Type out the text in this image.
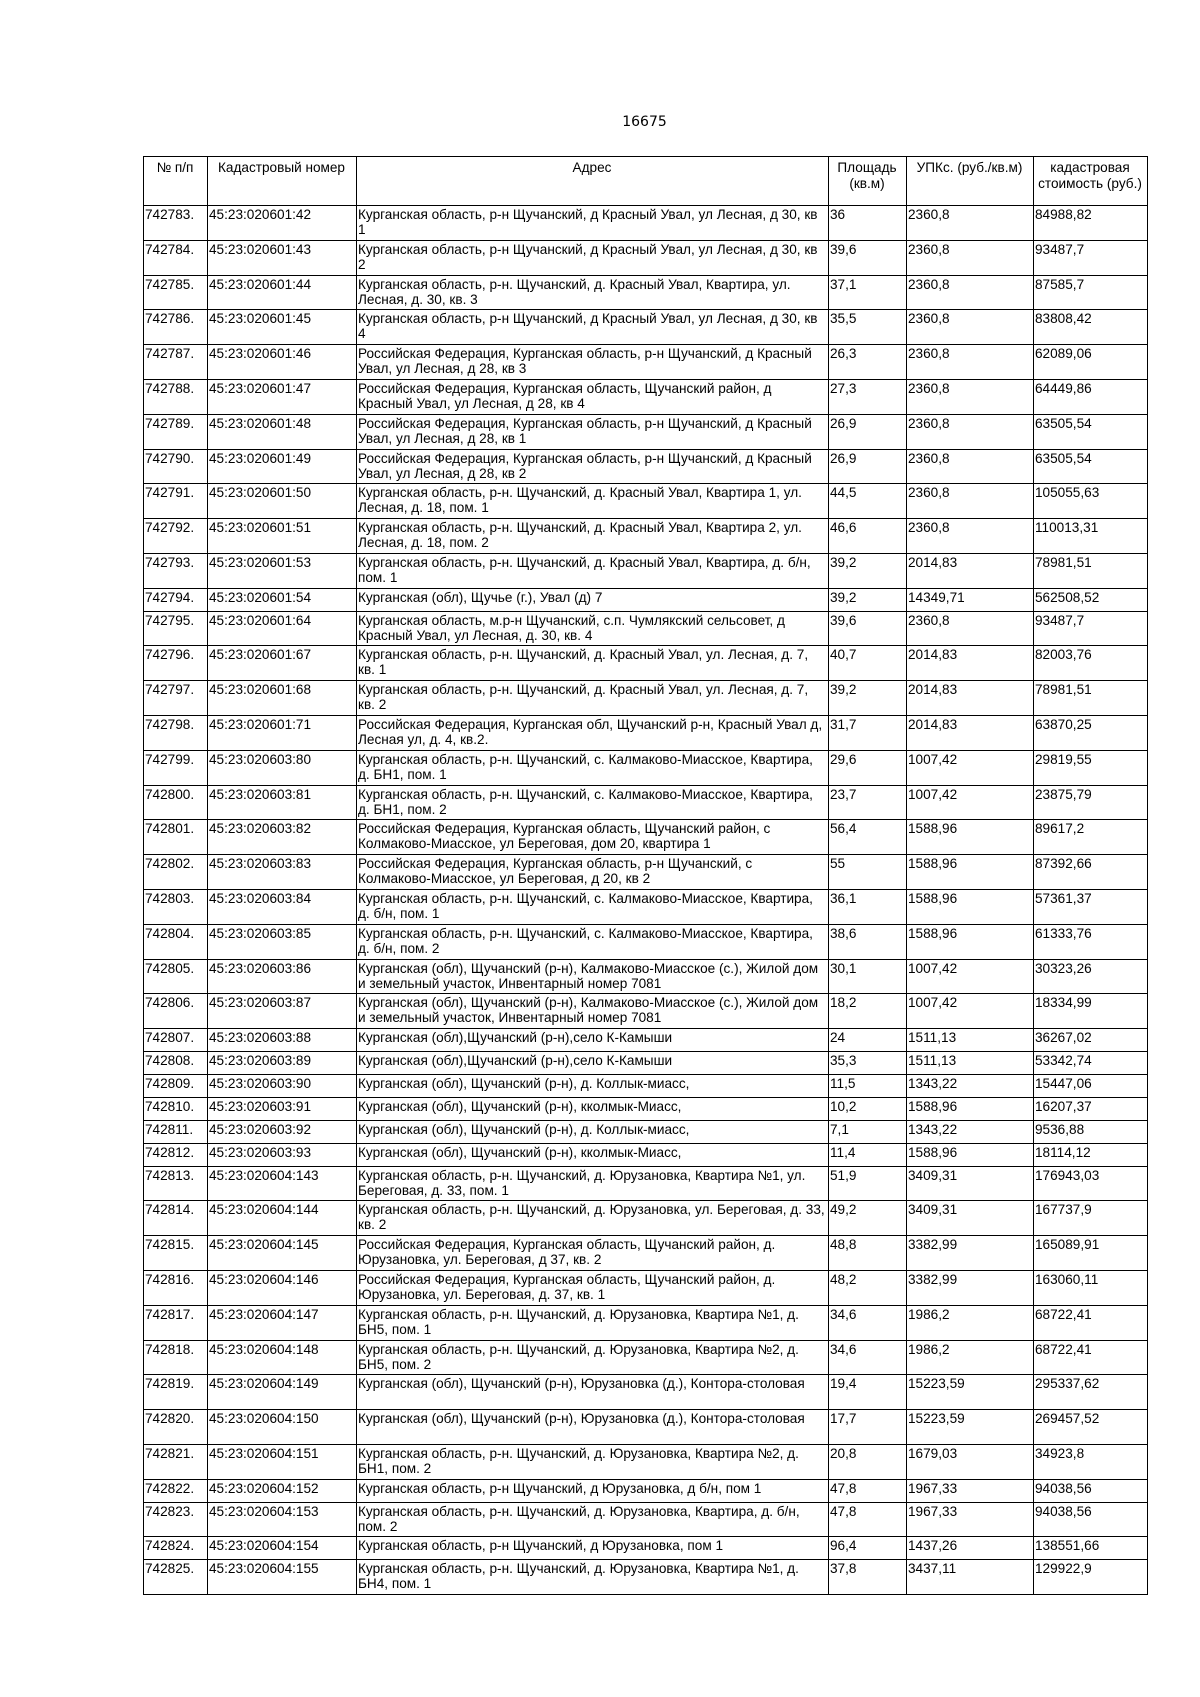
16675
№ п/п	Кадастровый номер	Адрес	Площадь (кв.м)	УПКс. (руб./кв.м)	кадастровая стоимость (руб.)
742783.	45:23:020601:42	Курганская область, р-н Щучанский, д Красный Увал, ул Лесная, д 30, кв 1	36	2360,8	84988,82
742784.	45:23:020601:43	Курганская область, р-н Щучанский, д Красный Увал, ул Лесная, д 30, кв 2	39,6	2360,8	93487,7
742785.	45:23:020601:44	Курганская область, р-н. Щучанский, д. Красный Увал, Квартира, ул. Лесная, д. 30, кв. 3	37,1	2360,8	87585,7
742786.	45:23:020601:45	Курганская область, р-н Щучанский, д Красный Увал, ул Лесная, д 30, кв 4	35,5	2360,8	83808,42
742787.	45:23:020601:46	Российская Федерация, Курганская область, р-н Щучанский, д Красный Увал, ул Лесная, д 28, кв 3	26,3	2360,8	62089,06
742788.	45:23:020601:47	Российская Федерация, Курганская область, Щучанский район, д Красный Увал, ул Лесная, д 28, кв 4	27,3	2360,8	64449,86
742789.	45:23:020601:48	Российская Федерация, Курганская область, р-н Щучанский, д Красный Увал, ул Лесная, д 28, кв 1	26,9	2360,8	63505,54
742790.	45:23:020601:49	Российская Федерация, Курганская область, р-н Щучанский, д Красный Увал, ул Лесная, д 28, кв 2	26,9	2360,8	63505,54
742791.	45:23:020601:50	Курганская область, р-н. Щучанский, д. Красный Увал, Квартира 1, ул. Лесная, д. 18, пом. 1	44,5	2360,8	105055,63
742792.	45:23:020601:51	Курганская область, р-н. Щучанский, д. Красный Увал, Квартира 2, ул. Лесная, д. 18, пом. 2	46,6	2360,8	110013,31
742793.	45:23:020601:53	Курганская область, р-н. Щучанский, д. Красный Увал, Квартира, д. б/н, пом. 1	39,2	2014,83	78981,51
742794.	45:23:020601:54	Курганская (обл), Щучье (г.), Увал (д) 7	39,2	14349,71	562508,52
742795.	45:23:020601:64	Курганская область, м.р-н Щучанский, с.п. Чумлякский сельсовет, д Красный Увал, ул Лесная, д. 30, кв. 4	39,6	2360,8	93487,7
742796.	45:23:020601:67	Курганская область, р-н. Щучанский, д. Красный Увал, ул. Лесная, д. 7, кв. 1	40,7	2014,83	82003,76
742797.	45:23:020601:68	Курганская область, р-н. Щучанский, д. Красный Увал, ул. Лесная, д. 7, кв. 2	39,2	2014,83	78981,51
742798.	45:23:020601:71	Российская Федерация, Курганская обл, Щучанский р-н, Красный Увал д, Лесная ул, д. 4, кв.2.	31,7	2014,83	63870,25
742799.	45:23:020603:80	Курганская область, р-н. Щучанский, с. Калмаково-Миасское, Квартира, д. БН1, пом. 1	29,6	1007,42	29819,55
742800.	45:23:020603:81	Курганская область, р-н. Щучанский, с. Калмаково-Миасское, Квартира, д. БН1, пом. 2	23,7	1007,42	23875,79
742801.	45:23:020603:82	Российская Федерация, Курганская область, Щучанский район, с Колмаково-Миасское, ул Береговая, дом 20, квартира 1	56,4	1588,96	89617,2
742802.	45:23:020603:83	Российская Федерация, Курганская область, р-н Щучанский, с Колмаково-Миасское, ул Береговая, д 20, кв 2	55	1588,96	87392,66
742803.	45:23:020603:84	Курганская область, р-н. Щучанский, с. Калмаково-Миасское, Квартира, д. б/н, пом. 1	36,1	1588,96	57361,37
742804.	45:23:020603:85	Курганская область, р-н. Щучанский, с. Калмаково-Миасское, Квартира, д. б/н, пом. 2	38,6	1588,96	61333,76
742805.	45:23:020603:86	Курганская (обл), Щучанский (р-н), Калмаково-Миасское (с.), Жилой дом и земельный участок, Инвентарный номер 7081	30,1	1007,42	30323,26
742806.	45:23:020603:87	Курганская (обл), Щучанский (р-н), Калмаково-Миасское (с.), Жилой дом и земельный участок, Инвентарный номер 7081	18,2	1007,42	18334,99
742807.	45:23:020603:88	Курганская (обл),Щучанский (р-н),село К-Камыши	24	1511,13	36267,02
742808.	45:23:020603:89	Курганская (обл),Щучанский (р-н),село К-Камыши	35,3	1511,13	53342,74
742809.	45:23:020603:90	Курганская (обл), Щучанский (р-н), д. Коллык-миасс,	11,5	1343,22	15447,06
742810.	45:23:020603:91	Курганская (обл), Щучанский (р-н), кколмык-Миасс,	10,2	1588,96	16207,37
742811.	45:23:020603:92	Курганская (обл), Щучанский (р-н), д. Коллык-миасс,	7,1	1343,22	9536,88
742812.	45:23:020603:93	Курганская (обл), Щучанский (р-н), кколмык-Миасс,	11,4	1588,96	18114,12
742813.	45:23:020604:143	Курганская область, р-н. Щучанский, д. Юрузановка, Квартира №1, ул. Береговая, д. 33, пом. 1	51,9	3409,31	176943,03
742814.	45:23:020604:144	Курганская область, р-н. Щучанский, д. Юрузановка, ул. Береговая, д. 33, кв. 2	49,2	3409,31	167737,9
742815.	45:23:020604:145	Российская Федерация, Курганская область, Щучанский район, д. Юрузановка, ул. Береговая, д 37, кв. 2	48,8	3382,99	165089,91
742816.	45:23:020604:146	Российская Федерация, Курганская область, Щучанский район, д. Юрузановка, ул. Береговая, д. 37, кв. 1	48,2	3382,99	163060,11
742817.	45:23:020604:147	Курганская область, р-н. Щучанский, д. Юрузановка, Квартира №1, д. БН5, пом. 1	34,6	1986,2	68722,41
742818.	45:23:020604:148	Курганская область, р-н. Щучанский, д. Юрузановка, Квартира №2, д. БН5, пом. 2	34,6	1986,2	68722,41
742819.	45:23:020604:149	Курганская (обл), Щучанский (р-н), Юрузановка (д.), Контора-столовая	19,4	15223,59	295337,62
742820.	45:23:020604:150	Курганская (обл), Щучанский (р-н), Юрузановка (д.), Контора-столовая	17,7	15223,59	269457,52
742821.	45:23:020604:151	Курганская область, р-н. Щучанский, д. Юрузановка, Квартира №2, д. БН1, пом. 2	20,8	1679,03	34923,8
742822.	45:23:020604:152	Курганская область, р-н Щучанский, д Юрузановка, д б/н, пом 1	47,8	1967,33	94038,56
742823.	45:23:020604:153	Курганская область, р-н. Щучанский, д. Юрузановка, Квартира, д. б/н, пом. 2	47,8	1967,33	94038,56
742824.	45:23:020604:154	Курганская область, р-н Щучанский, д Юрузановка, пом 1	96,4	1437,26	138551,66
742825.	45:23:020604:155	Курганская область, р-н. Щучанский, д. Юрузановка, Квартира №1, д. БН4, пом. 1	37,8	3437,11	129922,9
